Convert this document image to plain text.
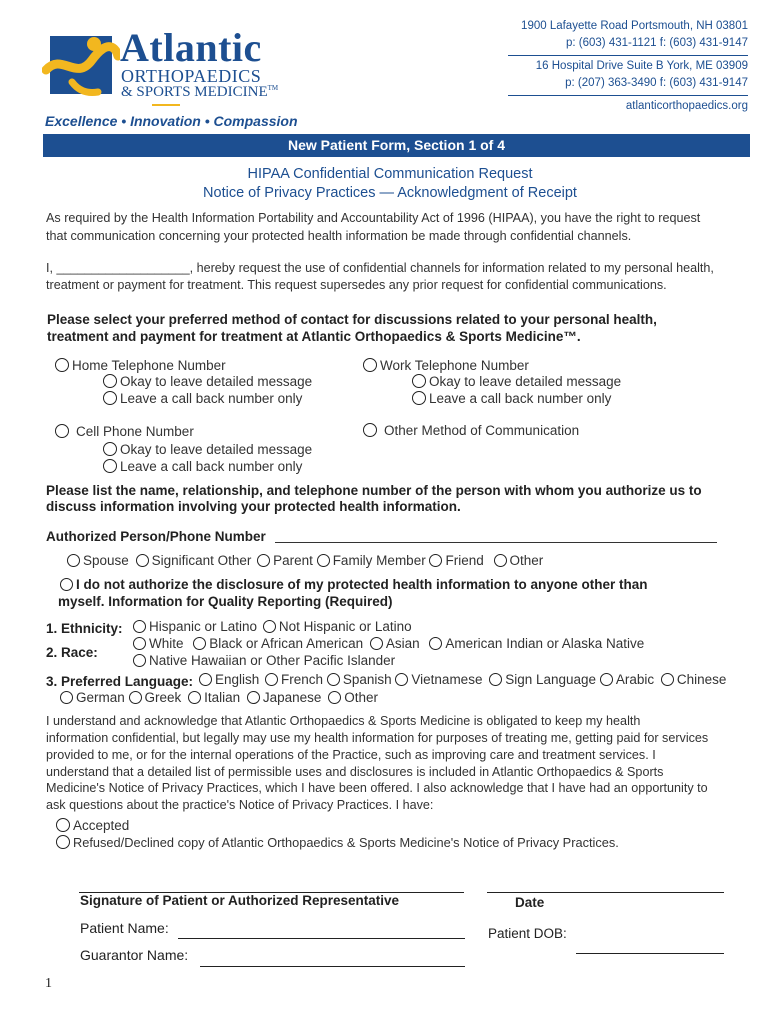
Atlantic
ORTHOPAEDICS
& SPORTS MEDICINE™
Excellence • Innovation • Compassion
1900 Lafayette Road Portsmouth, NH 03801
p: (603) 431-1121 f: (603) 431-9147
16 Hospital Drive Suite B York, ME 03909
p: (207) 363-3490 f: (603) 431-9147
atlanticorthopaedics.org
New Patient Form, Section 1 of 4
HIPAA Confidential Communication Request
Notice of Privacy Practices — Acknowledgment of Receipt
As required by the Health Information Portability and Accountability Act of 1996 (HIPAA), you have the right to request
that communication concerning your protected health information be made through confidential channels.
I, ___________________, hereby request the use of confidential channels for information related to my personal health,
treatment or payment for treatment. This request supersedes any prior request for confidential communications.
Please select your preferred method of contact for discussions related to your personal health,
treatment and payment for treatment at Atlantic Orthopaedics & Sports Medicine™.
Home Telephone Number
Okay to leave detailed message
Leave a call back number only
Work Telephone Number
Okay to leave detailed message
Leave a call back number only
Cell Phone Number
Okay to leave detailed message
Leave a call back number only
Other Method of Communication
Please list the name, relationship, and telephone number of the person with whom you authorize us to
discuss information involving your protected health information.
Authorized Person/Phone Number
Spouse Significant Other Parent Family Member Friend Other
I do not authorize the disclosure of my protected health information to anyone other than
myself. Information for Quality Reporting (Required)
1. Ethnicity:	Hispanic or Latino Not Hispanic or Latino
2. Race:
White Black or African American Asian American Indian or Alaska Native
Native Hawaiian or Other Pacific Islander
3. Preferred Language:	English French Spanish Vietnamese Sign Language Arabic Chinese
German Greek Italian Japanese Other
I understand and acknowledge that Atlantic Orthopaedics & Sports Medicine is obligated to keep my health
information confidential, but legally may use my health information for purposes of treating me, getting paid for services
provided to me, or for the internal operations of the Practice, such as improving care and treatment services. I
understand that a detailed list of permissible uses and disclosures is included in Atlantic Orthopaedics & Sports
Medicine's Notice of Privacy Practices, which I have been offered. I also acknowledge that I have had an opportunity to
ask questions about the practice's Notice of Privacy Practices. I have:
Accepted
Refused/Declined copy of Atlantic Orthopaedics & Sports Medicine's Notice of Privacy Practices.
Signature of Patient or Authorized Representative	Date
Patient Name:	Patient DOB:
Guarantor Name:
1
